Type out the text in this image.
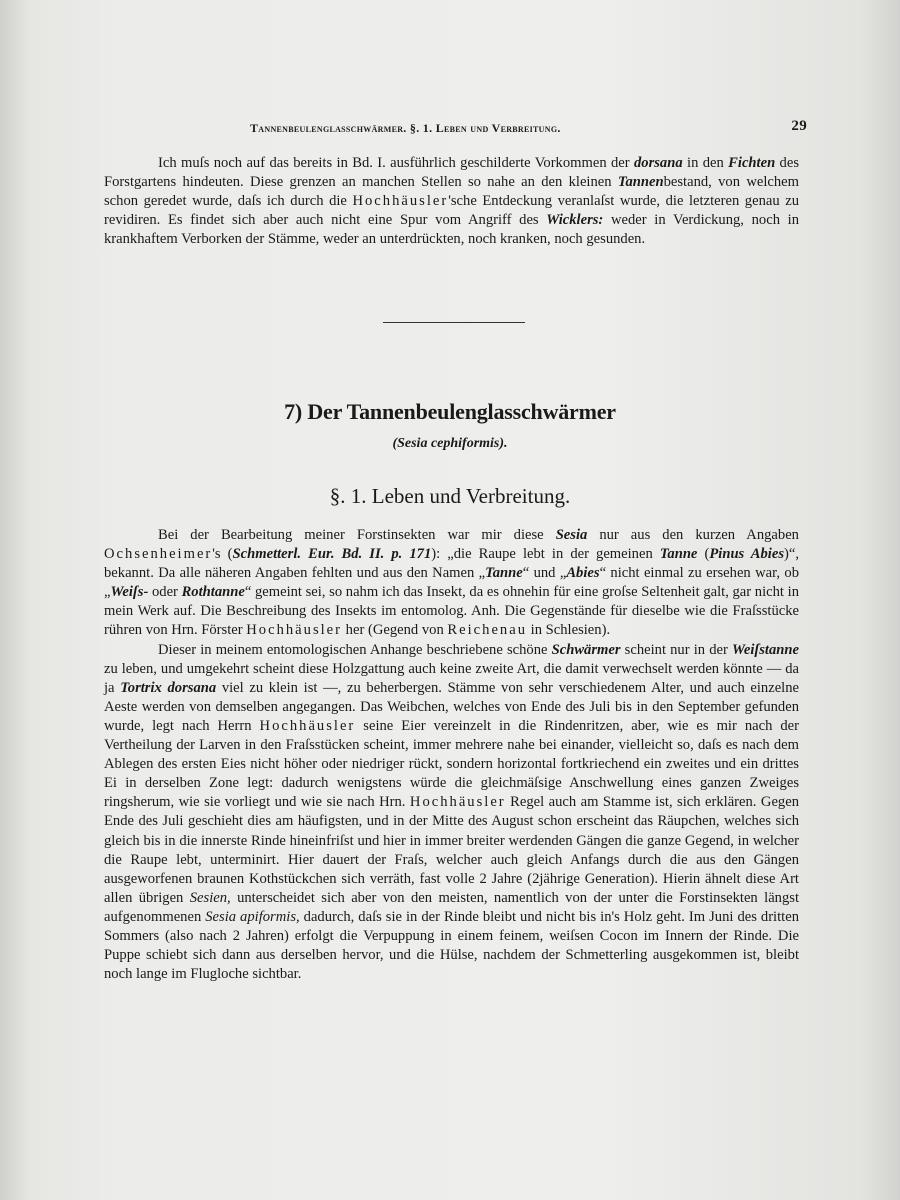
Tannenbeulenglasschwärmer. §. 1. Leben und Verbreitung.	29

Ich muſs noch auf das bereits in Bd. I. ausführlich geschilderte Vorkommen der dorsana in den Fichten des Forstgartens hindeuten. Diese grenzen an manchen Stellen so nahe an den kleinen Tannenbestand, von welchem schon geredet wurde, daſs ich durch die Hochhäusler'sche Entdeckung veranlaſst wurde, die letzteren genau zu revidiren. Es findet sich aber auch nicht eine Spur vom Angriff des Wicklers: weder in Verdickung, noch in krankhaftem Verborken der Stämme, weder an unterdrückten, noch kranken, noch gesunden.

7) Der Tannenbeulenglasschwärmer
(Sesia cephiformis).
§. 1. Leben und Verbreitung.

Bei der Bearbeitung meiner Forstinsekten war mir diese Sesia nur aus den kurzen Angaben Ochsenheimer's (Schmetterl. Eur. Bd. II. p. 171): „die Raupe lebt in der gemeinen Tanne (Pinus Abies)“, bekannt. Da alle näheren Angaben fehlten und aus den Namen „Tanne“ und „Abies“ nicht einmal zu ersehen war, ob „Weiſs- oder Rothtanne“ gemeint sei, so nahm ich das Insekt, da es ohnehin für eine groſse Seltenheit galt, gar nicht in mein Werk auf. Die Beschreibung des Insekts im entomolog. Anh. Die Gegenstände für dieselbe wie die Fraſsstücke rühren von Hrn. Förster Hochhäusler her (Gegend von Reichenau in Schlesien).

Dieser in meinem entomologischen Anhange beschriebene schöne Schwärmer scheint nur in der Weiſstanne zu leben, und umgekehrt scheint diese Holzgattung auch keine zweite Art, die damit verwechselt werden könnte — da ja Tortrix dorsana viel zu klein ist —, zu beherbergen. Stämme von sehr verschiedenem Alter, und auch einzelne Aeste werden von demselben angegangen. Das Weibchen, welches von Ende des Juli bis in den September gefunden wurde, legt nach Herrn Hochhäusler seine Eier vereinzelt in die Rindenritzen, aber, wie es mir nach der Vertheilung der Larven in den Fraſsstücken scheint, immer mehrere nahe bei einander, vielleicht so, daſs es nach dem Ablegen des ersten Eies nicht höher oder niedriger rückt, sondern horizontal fortkriechend ein zweites und ein drittes Ei in derselben Zone legt: dadurch wenigstens würde die gleichmäſsige Anschwellung eines ganzen Zweiges ringsherum, wie sie vorliegt und wie sie nach Hrn. Hochhäusler Regel auch am Stamme ist, sich erklären. Gegen Ende des Juli geschieht dies am häufigsten, und in der Mitte des August schon erscheint das Räupchen, welches sich gleich bis in die innerste Rinde hineinfriſst und hier in immer breiter werdenden Gängen die ganze Gegend, in welcher die Raupe lebt, unterminirt. Hier dauert der Fraſs, welcher auch gleich Anfangs durch die aus den Gängen ausgeworfenen braunen Kothstückchen sich verräth, fast volle 2 Jahre (2jährige Generation). Hierin ähnelt diese Art allen übrigen Sesien, unterscheidet sich aber von den meisten, namentlich von der unter die Forstinsekten längst aufgenommenen Sesia apiformis, dadurch, daſs sie in der Rinde bleibt und nicht bis in's Holz geht. Im Juni des dritten Sommers (also nach 2 Jahren) erfolgt die Verpuppung in einem feinem, weiſsen Cocon im Innern der Rinde. Die Puppe schiebt sich dann aus derselben hervor, und die Hülse, nachdem der Schmetterling ausgekommen ist, bleibt noch lange im Flugloche sichtbar.
